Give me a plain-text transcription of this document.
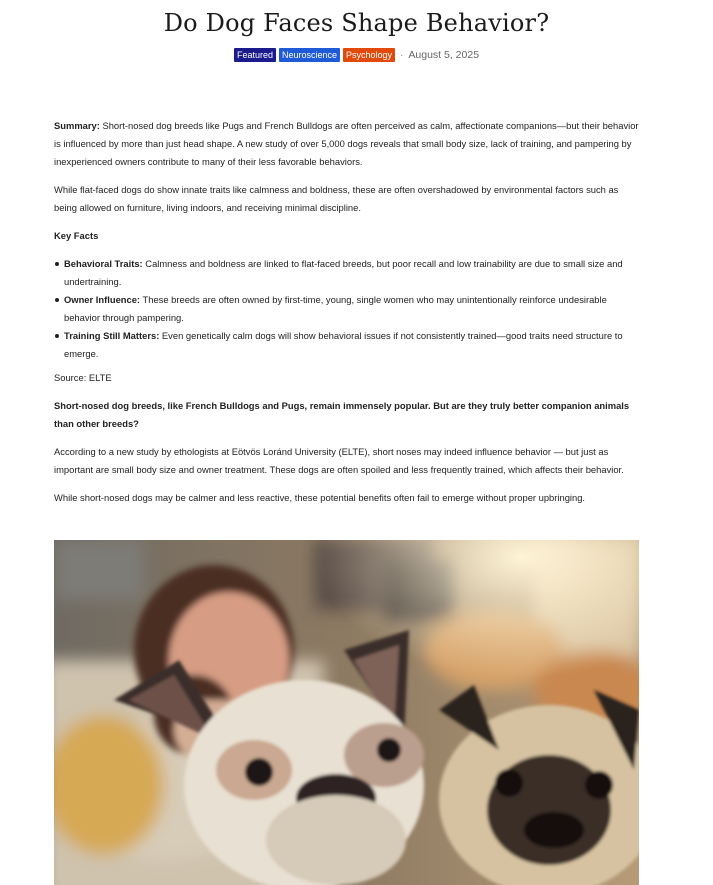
Do Dog Faces Shape Behavior?
Featured	Neuroscience	Psychology · August 5, 2025

Summary: Short-nosed dog breeds like Pugs and French Bulldogs are often perceived as calm, affectionate companions—but their behavior is influenced by more than just head shape. A new study of over 5,000 dogs reveals that small body size, lack of training, and pampering by inexperienced owners contribute to many of their less favorable behaviors.

While flat-faced dogs do show innate traits like calmness and boldness, these are often overshadowed by environmental factors such as being allowed on furniture, living indoors, and receiving minimal discipline.

Key Facts

Behavioral Traits: Calmness and boldness are linked to flat-faced breeds, but poor recall and low trainability are due to small size and undertraining.
Owner Influence: These breeds are often owned by first-time, young, single women who may unintentionally reinforce undesirable behavior through pampering.
Training Still Matters: Even genetically calm dogs will show behavioral issues if not consistently trained—good traits need structure to emerge.

Source: ELTE

Short-nosed dog breeds, like French Bulldogs and Pugs, remain immensely popular. But are they truly better companion animals than other breeds?

According to a new study by ethologists at Eötvös Loránd University (ELTE), short noses may indeed influence behavior — but just as important are small body size and owner treatment. These dogs are often spoiled and less frequently trained, which affects their behavior.

While short-nosed dogs may be calmer and less reactive, these potential benefits often fail to emerge without proper upbringing.
